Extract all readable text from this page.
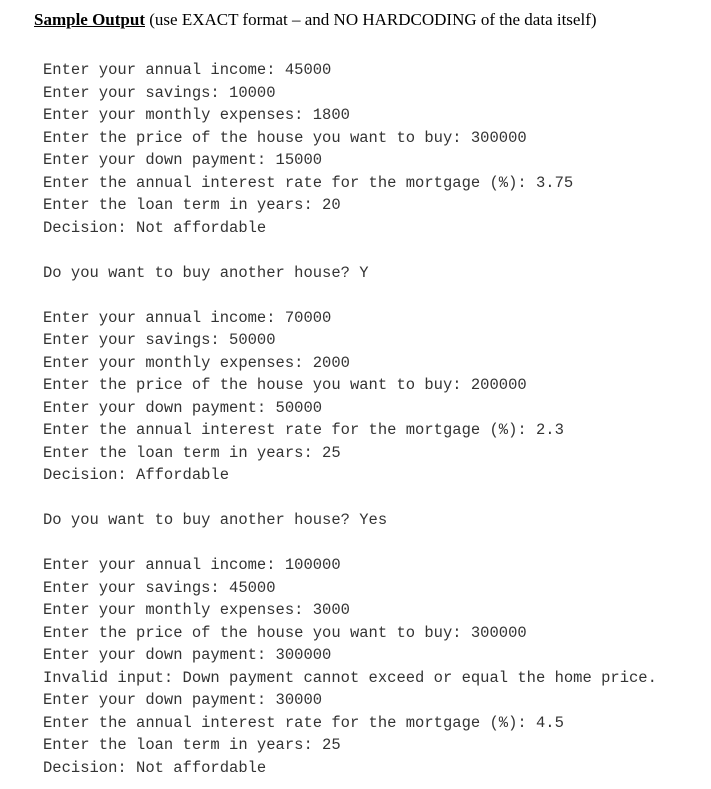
Sample Output (use EXACT format – and NO HARDCODING of the data itself)
Enter your annual income: 45000
Enter your savings: 10000
Enter your monthly expenses: 1800
Enter the price of the house you want to buy: 300000
Enter your down payment: 15000
Enter the annual interest rate for the mortgage (%): 3.75
Enter the loan term in years: 20
Decision: Not affordable
Do you want to buy another house? Y
Enter your annual income: 70000
Enter your savings: 50000
Enter your monthly expenses: 2000
Enter the price of the house you want to buy: 200000
Enter your down payment: 50000
Enter the annual interest rate for the mortgage (%): 2.3
Enter the loan term in years: 25
Decision: Affordable
Do you want to buy another house? Yes
Enter your annual income: 100000
Enter your savings: 45000
Enter your monthly expenses: 3000
Enter the price of the house you want to buy: 300000
Enter your down payment: 300000
Invalid input: Down payment cannot exceed or equal the home price.
Enter your down payment: 30000
Enter the annual interest rate for the mortgage (%): 4.5
Enter the loan term in years: 25
Decision: Not affordable
